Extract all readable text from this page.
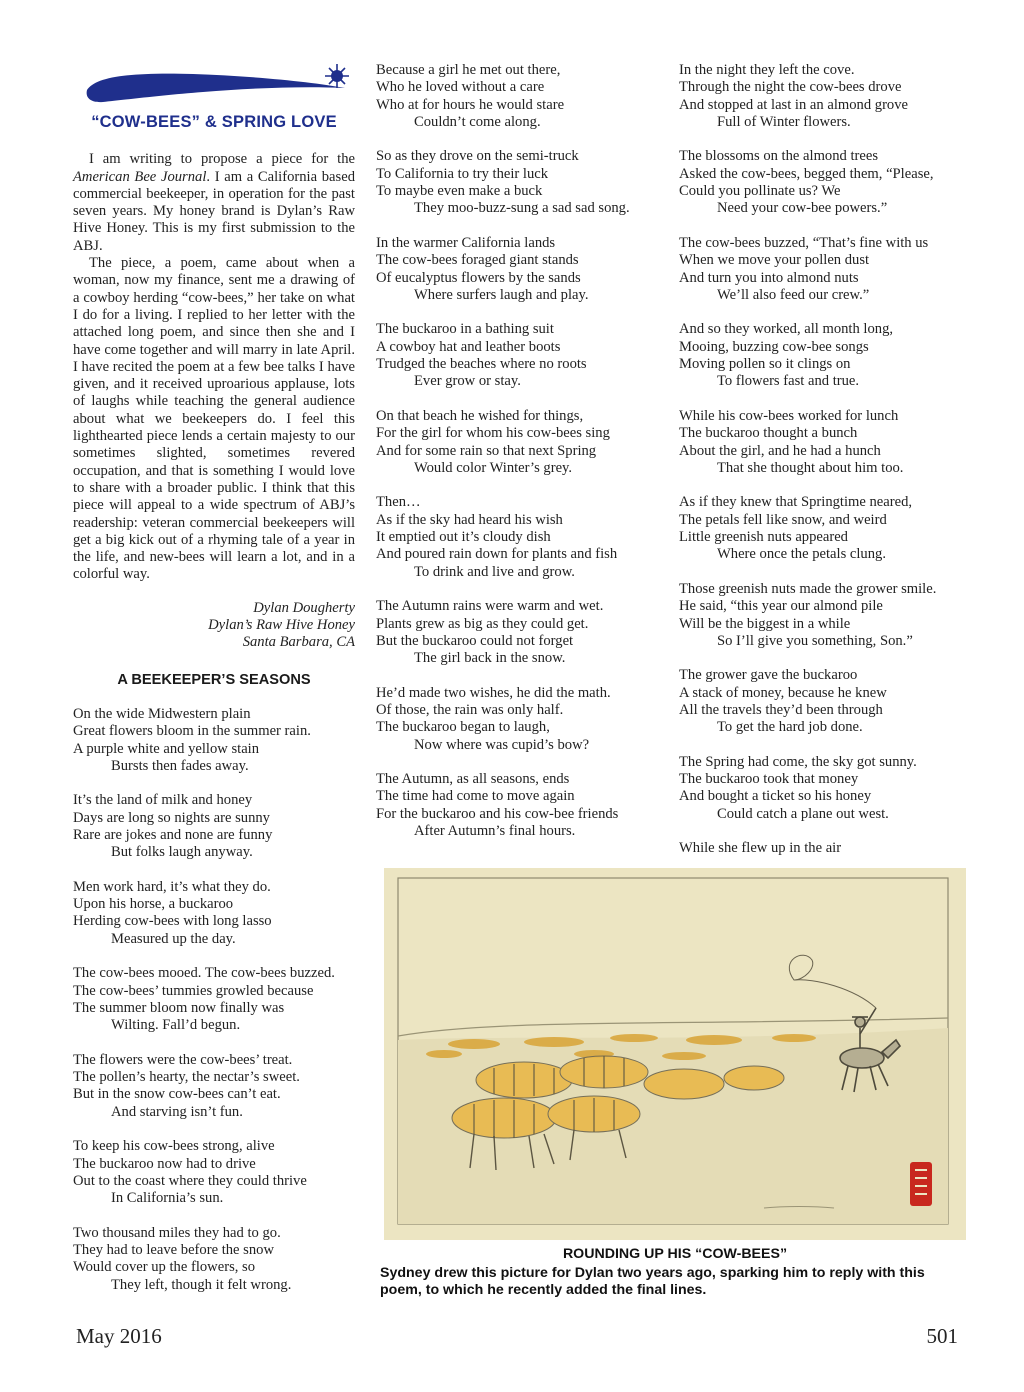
“COW-BEES” & SPRING LOVE

I am writing to propose a piece for the American Bee Journal. I am a California based commercial beekeeper, in operation for the past seven years. My honey brand is Dylan’s Raw Hive Honey. This is my first submission to the ABJ.

The piece, a poem, came about when a woman, now my finance, sent me a drawing of a cowboy herding “cow-bees,” her take on what I do for a living. I replied to her letter with the attached long poem, and since then she and I have come together and will marry in late April. I have recited the poem at a few bee talks I have given, and it received uproarious applause, lots of laughs while teaching the general audience about what we beekeepers do. I feel this lighthearted piece lends a certain majesty to our sometimes slighted, sometimes revered occupation, and that is something I would love to share with a broader public. I think that this piece will appeal to a wide spectrum of ABJ’s readership: veteran commercial beekeepers will get a big kick out of a rhyming tale of a year in the life, and new-bees will learn a lot, and in a colorful way.

Dylan Dougherty
Dylan’s Raw Hive Honey
Santa Barbara, CA
A BEEKEEPER’S SEASONS
On the wide Midwestern plain
Great flowers bloom in the summer rain.
A purple white and yellow stain
Bursts then fades away.
It’s the land of milk and honey
Days are long so nights are sunny
Rare are jokes and none are funny
But folks laugh anyway.
Men work hard, it’s what they do.
Upon his horse, a buckaroo
Herding cow-bees with long lasso
Measured up the day.
The cow-bees mooed. The cow-bees buzzed.
The cow-bees’ tummies growled because
The summer bloom now finally was
Wilting. Fall’d begun.
The flowers were the cow-bees’ treat.
The pollen’s hearty, the nectar’s sweet.
But in the snow cow-bees can’t eat.
And starving isn’t fun.
To keep his cow-bees strong, alive
The buckaroo now had to drive
Out to the coast where they could thrive
In California’s sun.
Two thousand miles they had to go.
They had to leave before the snow
Would cover up the flowers, so
They left, though it felt wrong.
Because a girl he met out there,
Who he loved without a care
Who at for hours he would stare
Couldn’t come along.
So as they drove on the semi-truck
To California to try their luck
To maybe even make a buck
They moo-buzz-sung a sad sad song.
In the warmer California lands
The cow-bees foraged giant stands
Of eucalyptus flowers by the sands
Where surfers laugh and play.
The buckaroo in a bathing suit
A cowboy hat and leather boots
Trudged the beaches where no roots
Ever grow or stay.
On that beach he wished for things,
For the girl for whom his cow-bees sing
And for some rain so that next Spring
Would color Winter’s grey.
Then…
As if the sky had heard his wish
It emptied out it’s cloudy dish
And poured rain down for plants and fish
To drink and live and grow.
The Autumn rains were warm and wet.
Plants grew as big as they could get.
But the buckaroo could not forget
The girl back in the snow.
He’d made two wishes, he did the math.
Of those, the rain was only half.
The buckaroo began to laugh,
Now where was cupid’s bow?
The Autumn, as all seasons, ends
The time had come to move again
For the buckaroo and his cow-bee friends
After Autumn’s final hours.
In the night they left the cove.
Through the night the cow-bees drove
And stopped at last in an almond grove
Full of Winter flowers.
The blossoms on the almond trees
Asked the cow-bees, begged them, “Please,
Could you pollinate us? We
Need your cow-bee powers.”
The cow-bees buzzed, “That’s fine with us
When we move your pollen dust
And turn you into almond nuts
We’ll also feed our crew.”
And so they worked, all month long,
Mooing, buzzing cow-bee songs
Moving pollen so it clings on
To flowers fast and true.
While his cow-bees worked for lunch
The buckaroo thought a bunch
About the girl, and he had a hunch
That she thought about him too.
As if they knew that Springtime neared,
The petals fell like snow, and weird
Little greenish nuts appeared
Where once the petals clung.
Those greenish nuts made the grower smile.
He said, “this year our almond pile
Will be the biggest in a while
So I’ll give you something, Son.”
The grower gave the buckaroo
A stack of money, because he knew
All the travels they’d been through
To get the hard job done.
The Spring had come, the sky got sunny.
The buckaroo took that money
And bought a ticket so his honey
Could catch a plane out west.
While she flew up in the air
ROUNDING UP HIS “COW-BEES”
Sydney drew this picture for Dylan two years ago, sparking him to reply with this poem, to which he recently added the final lines.
May 2016	501
